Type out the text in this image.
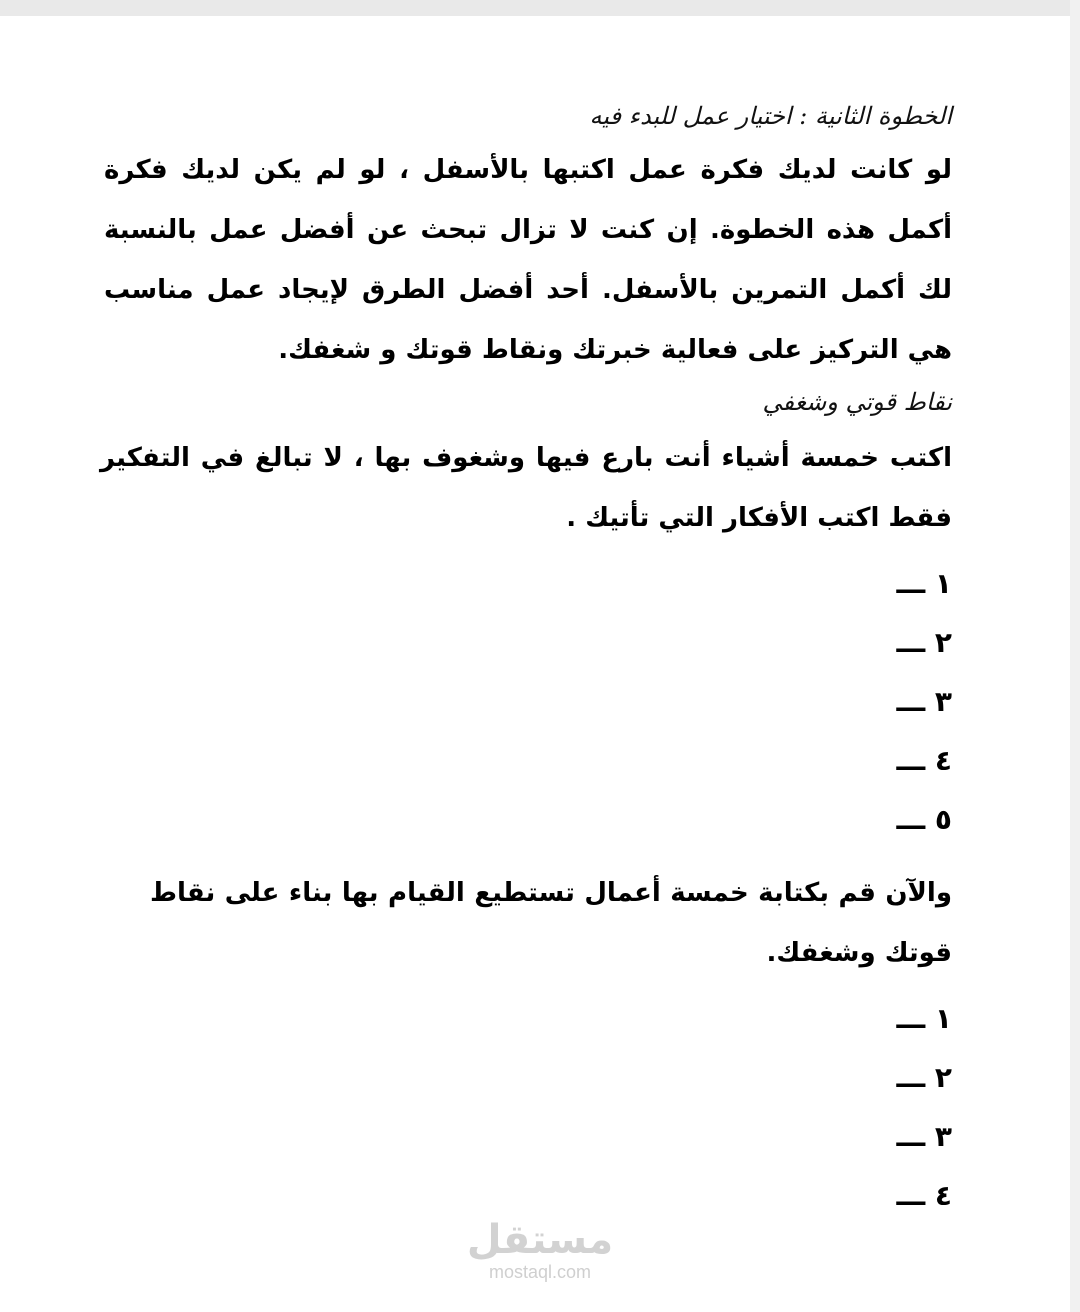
الخطوة الثانية : اختيار عمل للبدء فيه

لو كانت لديك فكرة عمل اكتبها بالأسفل ، لو لم يكن لديك فكرة أكمل هذه الخطوة. إن كنت لا تزال تبحث عن أفضل عمل بالنسبة لك أكمل التمرين بالأسفل. أحد أفضل الطرق لإيجاد عمل مناسب هي التركيز على فعالية خبرتك ونقاط قوتك و شغفك.

نقاط قوتي وشغفي

اكتب خمسة أشياء أنت بارع فيها وشغوف بها ، لا تبالغ في التفكير فقط اكتب الأفكار التي تأتيك .

١ ـــ
٢ ـــ
٣ ـــ
٤ ـــ
٥ ـــ

والآن قم بكتابة خمسة أعمال تستطيع القيام بها بناء على نقاط قوتك وشغفك.

١ ـــ
٢ ـــ
٣ ـــ
٤ ـــ
مستقل
mostaql.com
